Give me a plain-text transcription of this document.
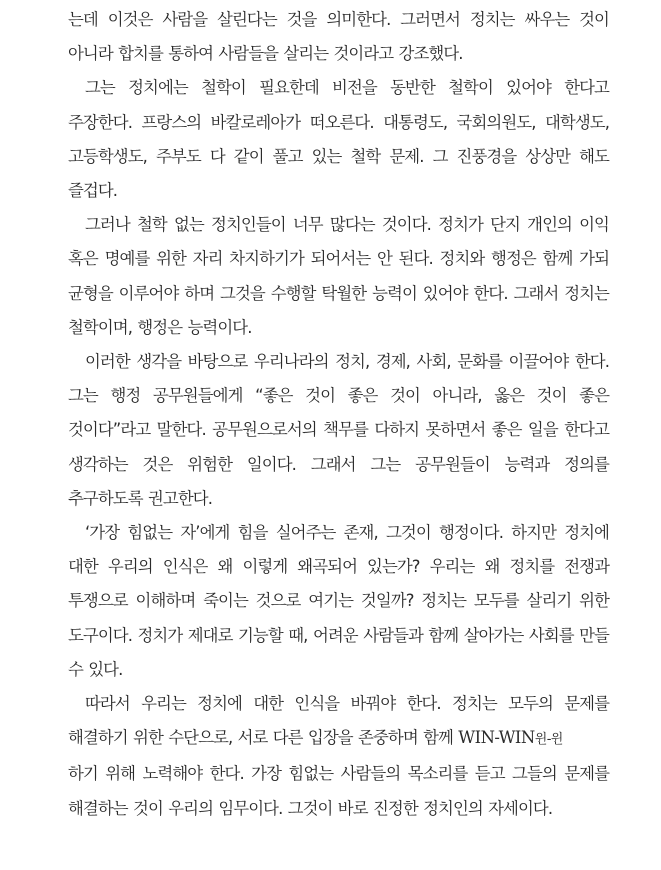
는데 이것은 사람을 살린다는 것을 의미한다. 그러면서 정치는 싸우는 것이 아니라 합치를 통하여 사람들을 살리는 것이라고 강조했다.

그는 정치에는 철학이 필요한데 비전을 동반한 철학이 있어야 한다고 주장한다. 프랑스의 바칼로레아가 떠오른다. 대통령도, 국회의원도, 대학생도, 고등학생도, 주부도 다 같이 풀고 있는 철학 문제. 그 진풍경을 상상만 해도 즐겁다.

그러나 철학 없는 정치인들이 너무 많다는 것이다. 정치가 단지 개인의 이익 혹은 명예를 위한 자리 차지하기가 되어서는 안 된다. 정치와 행정은 함께 가되 균형을 이루어야 하며 그것을 수행할 탁월한 능력이 있어야 한다. 그래서 정치는 철학이며, 행정은 능력이다.

이러한 생각을 바탕으로 우리나라의 정치, 경제, 사회, 문화를 이끌어야 한다. 그는 행정 공무원들에게 “좋은 것이 좋은 것이 아니라, 옳은 것이 좋은 것이다”라고 말한다. 공무원으로서의 책무를 다하지 못하면서 좋은 일을 한다고 생각하는 것은 위험한 일이다. 그래서 그는 공무원들이 능력과 정의를 추구하도록 권고한다.

‘가장 힘없는 자’에게 힘을 실어주는 존재, 그것이 행정이다. 하지만 정치에 대한 우리의 인식은 왜 이렇게 왜곡되어 있는가? 우리는 왜 정치를 전쟁과 투쟁으로 이해하며 죽이는 것으로 여기는 것일까? 정치는 모두를 살리기 위한 도구이다. 정치가 제대로 기능할 때, 어려운 사람들과 함께 살아가는 사회를 만들 수 있다.

따라서 우리는 정치에 대한 인식을 바꿔야 한다. 정치는 모두의 문제를 해결하기 위한 수단으로, 서로 다른 입장을 존중하며 함께 WIN-WIN윈-윈
하기 위해 노력해야 한다. 가장 힘없는 사람들의 목소리를 듣고 그들의 문제를 해결하는 것이 우리의 임무이다. 그것이 바로 진정한 정치인의 자세이다.
